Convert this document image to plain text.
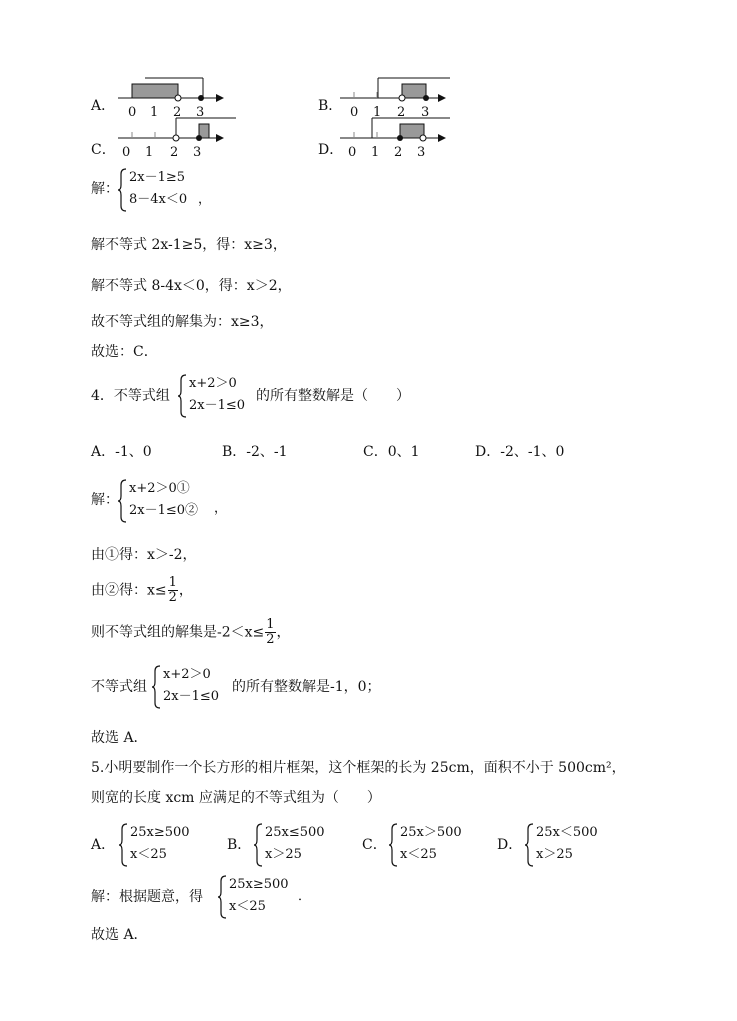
A． 0 1 2 3	B． 0 1 2 3
C． 0 1 2 3	D． 0 1 2 3
解：
2x－1≥5
8－4x＜0 ，
解不等式 2x-1≥5，得：x≥3，
解不等式 8-4x＜0，得：x＞2，
故不等式组的解集为：x≥3，
故选：C．
4．不等式组
x+2＞0
2x－1≤0
的所有整数解是（　　）
A．-1、0	B．-2、-1	C．0、1	D．-2、-1、0
解：
x+2＞0①
2x－1≤0② ，
由①得：x＞-2，
由②得：$x\le \frac{1}{2}$ ，
则不等式组的解集是$-2<x\le \frac{1}{2}$ ，
不等式组
x+2＞0
2x－1≤0
的所有整数解是-1，0；
故选 A．
5.小明要制作一个长方形的相片框架，这个框架的长为 25cm，面积不小于 500cm²，
则宽的长度 xcm 应满足的不等式组为（　　）
A．
25x≥500
x＜25
B．
25x≤500
x＞25
C．
25x＞500
x＜25
D．
25x＜500
x＞25
解：根据题意，得
25x≥500
x＜25
．
故选 A．
